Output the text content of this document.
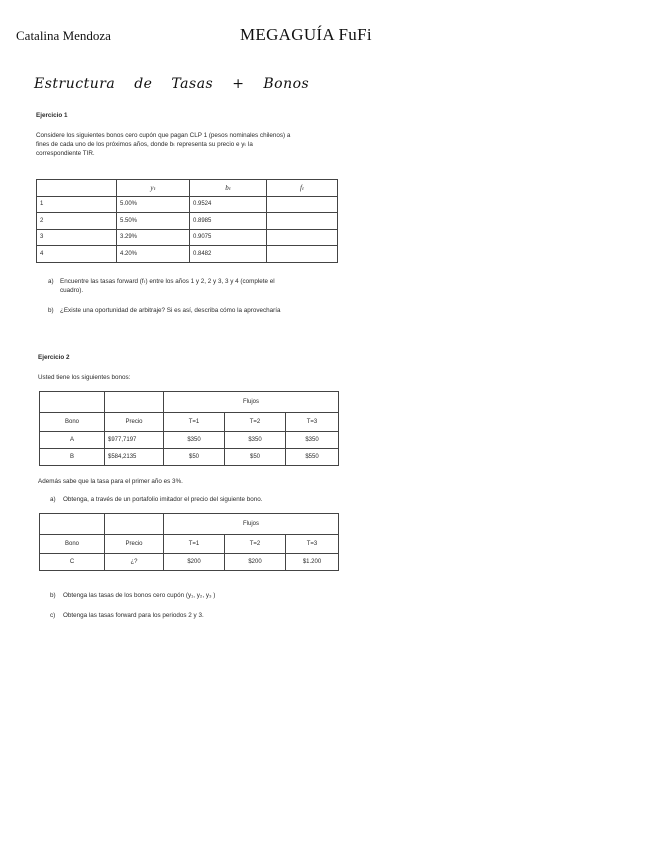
Catalina Mendoza	MEGAGUÍA FuFi
Estructura de Tasas + Bonos
Ejercicio 1
Considere los siguientes bonos cero cupón que pagan CLP 1 (pesos nominales chilenos) a
fines de cada uno de los próximos años, donde bₜ representa su precio e yₜ la
correspondiente TIR.
	yₜ	bₜ	fₜ
1	5.00%	0.9524	
2	5.50%	0.8985	
3	3.29%	0.9075	
4	4.20%	0.8482	
a) Encuentre las tasas forward (fₜ) entre los años 1 y 2, 2 y 3, 3 y 4 (complete el
cuadro).
b) ¿Existe una oportunidad de arbitraje? Si es así, describa cómo la aprovecharía
Ejercicio 2
Usted tiene los siguientes bonos:
		Flujos		
Bono	Precio	T=1	T=2	T=3
A	$977,7197	$350	$350	$350
B	$584,2135	$50	$50	$550
Además sabe que la tasa para el primer año es 3%.
a) Obtenga, a través de un portafolio imitador el precio del siguiente bono.
		Flujos		
Bono	Precio	T=1	T=2	T=3
C	¿?	$200	$200	$1.200
b) Obtenga las tasas de los bonos cero cupón (y₁, y₂, y₃ )
c) Obtenga las tasas forward para los periodos 2 y 3.
